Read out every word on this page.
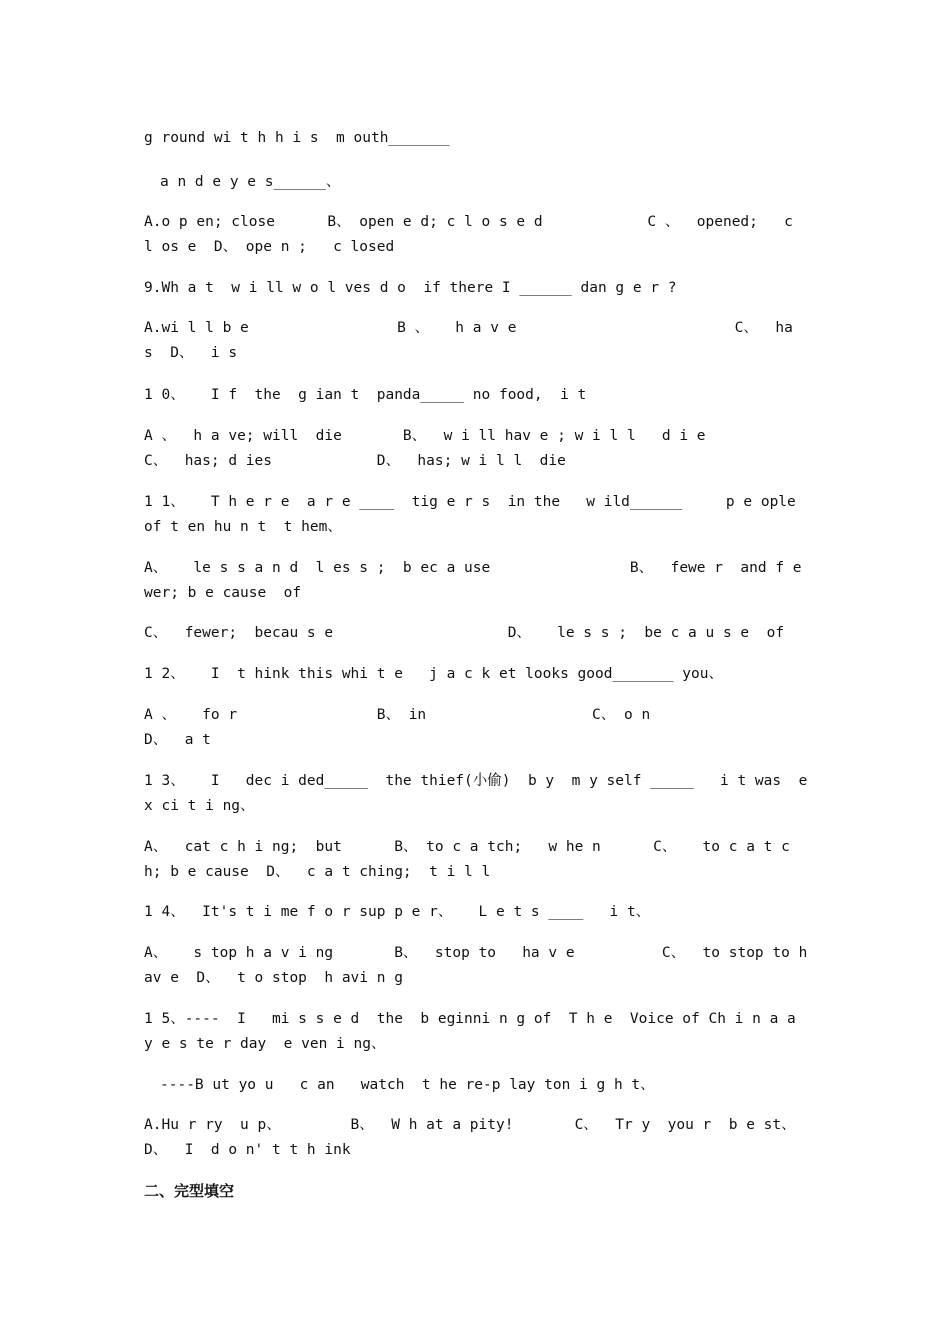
g round wi t h h i s  m outh_______
a n d e y e s______、
A.o p en; close      B、 open e d; c l o s e d            C 、  opened;   c l os e  D、 ope n ;   c losed
9.Wh a t  w i ll w o l ves d o  if there I ______ dan g e r ?
A.wi l l b e                 B 、   h a v e                         C、  ha s  D、  i s
1 0、   I f  the  g ian t  panda_____ no food,  i t
A 、  h a ve; will  die       B、  w i ll hav e ; w i l l   d i e          C、  has; d ies            D、  has; w i l l  die
1 1、   T h e r e  a r e ____  tig e r s  in the   w ild______     p e ople  of t en hu n t  t hem、
A、   le s s a n d  l es s ;  b ec a use                B、  fewe r  and f e wer; b e cause  of
C、  fewer;  becau s e                    D、   le s s ;  be c a u s e  of
1 2、   I  t hink this whi t e   j a c k et looks good_______ you、
A 、   fo r                B、 in                   C、 o n                D、  a t
1 3、   I   dec i ded_____  the thief(小偷)  b y  m y self _____   i t was  e x ci t i ng、
A、  cat c h i ng;  but      B、 to c a tch;   w he n      C、   to c a t c h; b e cause  D、  c a t ching;  t i l l
1 4、  It's t i me f o r sup p e r、   L e t s ____   i t、
A、   s top h a v i ng       B、  stop to   ha v e          C、  to stop to hav e  D、  t o stop  h avi n g
1 5、----  I   mi s s e d  the  b eginni n g of  T h e  Voice of Ch i n a a y e s te r day  e ven i ng、
----B ut yo u   c an   watch  t he re-p lay ton i g h t、
A.Hu r ry  u p、        B、  W h at a pity!       C、  Tr y  you r  b e st、      D、  I  d o n' t t h ink
二、完型填空
